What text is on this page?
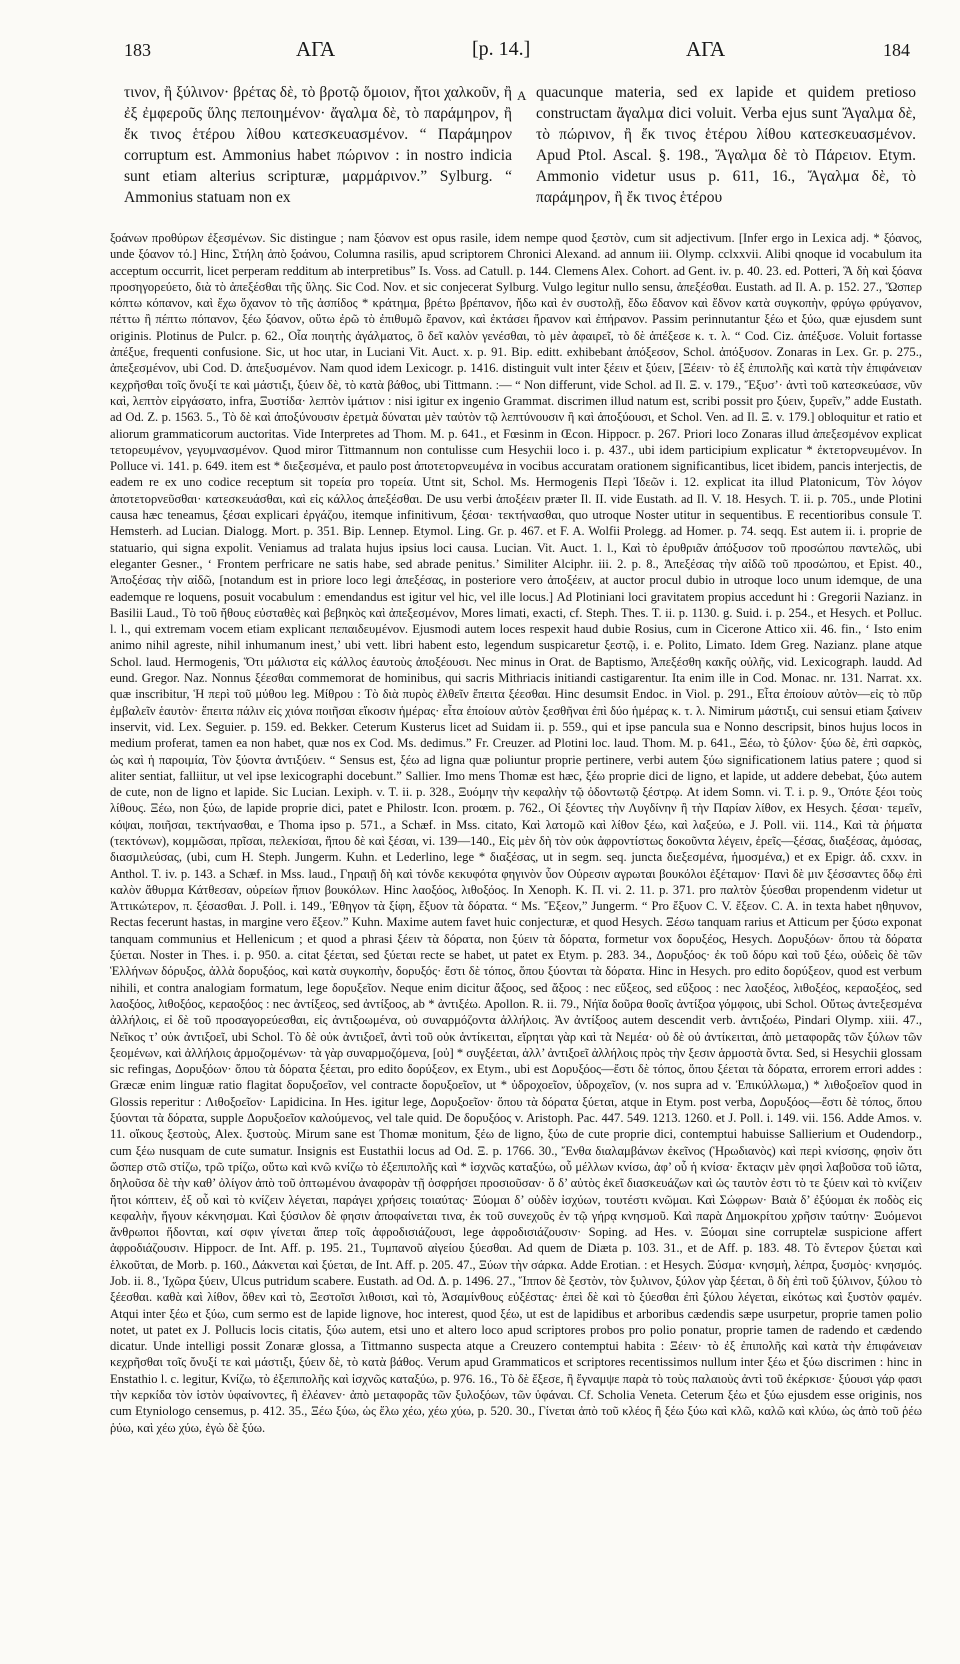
183	ΑΓΑ	[p. 14.]	ΑΓΑ	184
τινον, ἢ ξύλινον· βρέτας δὲ, τὸ βροτῷ ὅμοιον, ἤτοι χαλκοῦν, ἢ ἐξ ἐμφεροῦς ὕλης πεποιημένον· ἄγαλμα δὲ, τὸ παράμηρον, ἢ ἔκ τινος ἑτέρου λίθου κατεσκευασμένον. “ Παράμηρον corruptum est. Ammonius habet πώρινον : in nostro indicia sunt etiam alterius scripturæ, μαρμάρινον.” Sylburg. “ Ammonius statuam non ex
A quacunque materia, sed ex lapide et quidem pretioso constructam ἄγαλμα dici voluit. Verba ejus sunt Ἄγαλμα δὲ, τὸ πώρινον, ἢ ἔκ τινος ἑτέρου λίθου κατεσκευασμένον. Apud Ptol. Ascal. §. 198., Ἄγαλμα δὲ τὸ Πάρειον. Etym. Ammonio videtur usus p. 611, 16., Ἄγαλμα δὲ, τὸ παράμηρον, ἢ ἔκ τινος ἑτέρου

ξοάνων προθύρων ἐξεσμένων. Sic distingue ; nam ξόανον est opus rasile, idem nempe quod ξεστὸν, cum sit adjectivum. [Infer ergo in Lexica adj. * ξόανος, unde ξόανον τό.] Hinc, Στήλη ἀπὸ ξοάνου, Columna rasilis, apud scriptorem Chronici Alexand. ad annum iii. Olymp. cclxxvii. Alibi qnoque id vocabulum ita acceptum occurrit, licet perperam redditum ab interpretibus” Is. Voss. ad Catull. p. 144. Clemens Alex. Cohort. ad Gent. iv. p. 40. 23. ed. Potteri, Ἃ δὴ καὶ ξόανα προσηγορεύετο, διὰ τὸ ἀπεξέσθαι τῆς ὕλης. Sic Cod. Nov. et sic conjecerat Sylburg. Vulgo legitur nullo sensu, ἀπεξέσθαι. Eustath. ad Il. A. p. 152. 27., Ὥσπερ κόπτω κόπανον, καὶ ἔχω ὄχανον τὸ τῆς ἀσπίδος * κράτημα, βρέτω βρέπανον, ἤδω καὶ ἐν συστολῇ, ἔδω ἔδανον καὶ ἔδνον κατὰ συγκοπὴν, φρύγω φρύγανον, πέττω ἢ πέπτω πόπανον, ξέω ξόανον, οὕτω ἐρῶ τὸ ἐπιθυμῶ ἔρανον, καὶ ἐκτάσει ἤρανον καὶ ἐπήρανον. Passim perinnutantur ξέω et ξύω, quæ ejusdem sunt originis. Plotinus de Pulcr. p. 62., Οἷα ποιητὴς ἀγάλματος, ὃ δεῖ καλὸν γενέσθαι, τὸ μὲν ἀφαιρεῖ, τὸ δὲ ἀπέξεσε κ. τ. λ. “ Cod. Ciz. ἀπέξυσε. Voluit fortasse ἀπέξυε, frequenti confusione. Sic, ut hoc utar, in Luciani Vit. Auct. x. p. 91. Bip. editt. exhibebant ἀπόξεσον, Schol. ἀπόξυσον. Zonaras in Lex. Gr. p. 275., ἀπεξεσμένον, ubi Cod. D. ἀπεξυσμένον. Nam quod idem Lexicogr. p. 1416. distinguit vult inter ξέειν et ξύειν, [Ξέειν· τὸ ἐξ ἐπιπολῆς καὶ κατὰ τὴν ἐπιφάνειαν κεχρῆσθαι τοῖς ὄνυξί τε καὶ μάστιξι, ξύειν δὲ, τὸ κατὰ βάθος, ubi Tittmann. :— “ Non differunt, vide Schol. ad Il. Ξ. v. 179., Ἔξυσ’· ἀντὶ τοῦ κατεσκεύασε, νῦν καὶ, λεπτὸν εἰργάσατο, infra, Ξυστίδα· λεπτὸν ἱμάτιον : nisi igitur ex ingenio Grammat. discrimen illud natum est, scribi possit pro ξύειν, ξυρεῖν,” adde Eustath. ad Od. Z. p. 1563. 5., Τὸ δὲ καὶ ἀποξύνουσιν ἐρετμὰ δύναται μὲν ταὐτὸν τῷ λεπτύνουσιν ἢ καὶ ἀποξύουσι, et Schol. Ven. ad Il. Ξ. v. 179.] obloquitur et ratio et aliorum grammaticorum auctoritas. Vide Interpretes ad Thom. M. p. 641., et Fœsinm in Œcon. Hippocr. p. 267. Priori loco Zonaras illud ἀπεξεσμένον explicat τετορευμένον, γεγυμνασμένον. Quod miror Tittmannum non contulisse cum Hesychii loco i. p. 437., ubi idem participium explicatur * ἐκτετορνευμένον. In Polluce vi. 141. p. 649. item est * διεξεσμένα, et paulo post ἀποτετορνευμένα in vocibus accuratam orationem significantibus, licet ibidem, pancis interjectis, de eadem re ex uno codice receptum sit τορεία pro τορεία. Utnt sit, Schol. Ms. Hermogenis Περὶ Ἰδεῶν i. 12. explicat ita illud Platonicum, Τὸν λόγον ἀποτετορνεῦσθαι· κατεσκευάσθαι, καὶ εἰς κάλλος ἀπεξέσθαι. De usu verbi ἀποξέειν præter Il. II. vide Eustath. ad Il. V. 18. Hesych. T. ii. p. 705., unde Plotini causa hæc teneamus, ξέσαι explicari ἐργάζου, itemque infinitivum, ξέσαι· τεκτήνασθαι, quo utroque Noster utitur in sequentibus. E recentioribus consule T. Hemsterh. ad Lucian. Dialogg. Mort. p. 351. Bip. Lennep. Etymol. Ling. Gr. p. 467. et F. A. Wolfii Prolegg. ad Homer. p. 74. seqq. Est autem ii. i. proprie de statuario, qui signa expolit. Veniamus ad tralata hujus ipsius loci causa. Lucian. Vit. Auct. 1. l., Καὶ τὸ ἐρυθριᾶν ἀπόξυσον τοῦ προσώπου παντελῶς, ubi eleganter Gesner., ‘ Frontem perfricare ne satis habe, sed abrade penitus.’ Similiter Alciphr. iii. 2. p. 8., Ἀπεξέσας τὴν αἰδῶ τοῦ προσώπου, et Epist. 40., Ἀποξέσας τὴν αἰδῶ, [notandum est in priore loco legi ἀπεξέσας, in posteriore vero ἀποξέειν, at auctor procul dubio in utroque loco unum idemque, de una eademque re loquens, posuit vocabulum : emendandus est igitur vel hic, vel ille locus.] Ad Plotiniani loci gravitatem propius accedunt hi : Gregorii Nazianz. in Basilii Laud., Τὸ τοῦ ἤθους εὐσταθὲς καὶ βεβηκὸς καὶ ἀπεξεσμένον, Mores limati, exacti, cf. Steph. Thes. T. ii. p. 1130. g. Suid. i. p. 254., et Hesych. et Polluc. l. l., qui extremam vocem etiam explicant πεπαιδευμένον. Ejusmodi autem loces respexit haud dubie Rosius, cum in Cicerone Attico xii. 46. fin., ‘ Isto enim animo nihil agreste, nihil inhumanum inest,’ ubi vett. libri habent esto, legendum suspicaretur ξεστῷ, i. e. Polito, Limato. Idem Greg. Nazianz. plane atque Schol. laud. Hermogenis, Ὅτι μάλιστα εἰς κάλλος ἑαυτοὺς ἀποξέουσι. Nec minus in Orat. de Baptismo, Ἀπεξέσθη κακῆς οὐλῆς, vid. Lexicograph. laudd. Ad eund. Gregor. Naz. Nonnus ξέεσθαι commemorat de hominibus, qui sacris Mithriacis initiandi castigarentur. Ita enim ille in Cod. Monac. nr. 131. Narrat. xx. quæ inscribitur, Ἡ περὶ τοῦ μύθου leg. Μίθρου : Τὸ διὰ πυρὸς ἐλθεῖν ἔπειτα ξέεσθαι. Hinc desumsit Endoc. in Viol. p. 291., Εἶτα ἐποίουν αὐτὸν—εἰς τὸ πῦρ ἐμβαλεῖν ἑαυτὸν· ἔπειτα πάλιν εἰς χιόνα ποιῆσαι εἴκοσιν ἡμέρας· εἶτα ἐποίουν αὐτὸν ξεσθῆναι ἐπὶ δύο ἡμέρας κ. τ. λ. Nimirum μάστιξι, cui sensui etiam ξαίνειν inservit, vid. Lex. Seguier. p. 159. ed. Bekker. Ceterum Kusterus licet ad Suidam ii. p. 559., qui et ipse pancula sua e Nonno descripsit, binos hujus locos in medium proferat, tamen ea non habet, quæ nos ex Cod. Ms. dedimus.” Fr. Creuzer. ad Plotini loc. laud. Thom. M. p. 641., Ξέω, τὸ ξύλον· ξύω δὲ, ἐπὶ σαρκὸς, ὡς καὶ ἡ παροιμία, Τὸν ξύοντα ἀντιξύειν. “ Sensus est, ξέω ad ligna quæ poliuntur proprie pertinere, verbi autem ξύω significationem latius patere ; quod si aliter sentiat, falliitur, ut vel ipse lexicographi docebunt.” Sallier. Imo mens Thomæ est hæc, ξέω proprie dici de ligno, et lapide, ut addere debebat, ξύω autem de cute, non de ligno et lapide. Sic Lucian. Lexiph. v. T. ii. p. 328., Ξυόμην τὴν κεφαλὴν τῷ ὀδοντωτῷ ξέστρῳ. At idem Somn. vi. T. i. p. 9., Ὁπότε ξέοι τοὺς λίθους. Ξέω, non ξύω, de lapide proprie dici, patet e Philostr. Icon. proœm. p. 762., Οἱ ξέοντες τὴν Λυγδίνην ἢ τὴν Παρίαν λίθον, ex Hesych. ξέσαι· τεμεῖν, κόψαι, ποιῆσαι, τεκτήνασθαι, e Thoma ipso p. 571., a Schæf. in Mss. citato, Καὶ λατομῶ καὶ λίθον ξέω, καὶ λαξεύω, e J. Poll. vii. 114., Καὶ τὰ ῥήματα (τεκτόνων), κομμῶσαι, πρῖσαι, πελεκίσαι, ἥπου δὲ καὶ ξέσαι, vi. 139—140., Εἰς μὲν δὴ τὸν οὐκ ἀφροντίστως δοκοῦντα λέγειν, ἐρεῖς—ξέσας, διαξέσας, ἀμόσας, διασμιλεύσας, (ubi, cum H. Steph. Jungerm. Kuhn. et Lederlino, lege * διαξέσας, ut in segm. seq. juncta διεξεσμένα, ἡμοσμένα,) et ex Epigr. ἀδ. cxxv. in Anthol. T. iv. p. 143. a Schæf. in Mss. laud., Γηραιῇ δὴ καὶ τόνδε κεκυφότα φηγινὸν ὗον Οὐρεσιν αγρωται βουκόλοι ἐξέταμον· Πανὶ δὲ μιν ξέσσαντες ὅδῳ ἐπὶ καλὸν ἄθυρμα Κάτθεσαν, οὐρείων ἤπιον βουκόλων. Hinc λαοξόος, λιθοξόος. In Xenoph. K. Π. vi. 2. 11. p. 371. pro παλτὸν ξύεσθαι propendenm videtur ut Ἀττικώτερον, π. ξέσασθαι. J. Poll. i. 149., Ἐθηγον τὰ ξίφη, ἔξυον τὰ δόρατα. “ Ms. Ἔξεον,” Jungerm. “ Pro ἔξυον C. V. ἔξεον. C. A. in texta habet ηθηυνον, Rectas fecerunt hastas, in margine vero ἔξεον.” Kuhn. Maxime autem favet huic conjecturæ, et quod Hesych. Ξέσω tanquam rarius et Atticum per ξύσω exponat tanquam communius et Hellenicum ; et quod a phrasi ξέειν τὰ δόρατα, non ξύειν τὰ δόρατα, formetur vox δορυξέος, Hesych. Δορυξόων· ὅπου τὰ δόρατα ξύεται. Noster in Thes. i. p. 950. a. citat ξέεται, sed ξύεται recte se habet, ut patet ex Etym. p. 283. 34., Δορυξόος· ἐκ τοῦ δόρυ καὶ τοῦ ξέω, οὐδεὶς δὲ τῶν Ἑλλήνων δόρυξος, ἀλλὰ δορυξόος, καὶ κατὰ συγκοπὴν, δορυξός· ἔστι δὲ τόπος, ὅπου ξύονται τὰ δόρατα. Hinc in Hesych. pro edito δορύξεον, quod est verbum nihili, et contra analogiam formatum, lege δορυξεῖον. Neque enim dicitur ἄξοος, sed ἄξοος : nec εὔξεος, sed εὔξοος : nec λαοξέος, λιθοξέος, κεραοξέος, sed λαοξόος, λιθοξόος, κεραοξόος : nec ἀντίξεος, sed ἀντίξοος, ab * ἀντιξέω. Apollon. R. ii. 79., Νήϊα δοῦρα θοοῖς ἀντίξοα γόμφοις, ubi Schol. Οὕτως ἀντεξεσμένα ἀλλήλοις, εἰ δὲ τοῦ προσαγορεύεσθαι, εἰς ἀντιξοωμένα, οὐ συναρμόζοντα ἀλλήλοις. Ἀν ἀντίξοος autem descendit verb. ἀντιξοέω, Pindari Olymp. xiii. 47., Νεῖκος τ’ οὐκ ἀντιξοεῖ, ubi Schol. Τὸ δὲ οὐκ ἀντιξοεῖ, ἀντὶ τοῦ οὐκ ἀντίκειται, εἴρηται γὰρ καὶ τὰ Νεμέα· οὐ δὲ οὐ ἀντίκειται, ἀπὸ μεταφορᾶς τῶν ξύλων τῶν ξεομένων, καὶ ἀλλήλοις ἁρμοζομένων· τὰ γὰρ συναρμοζόμενα, [οὐ] * συγξέεται, ἀλλ’ ἀντιξοεῖ ἀλλήλοις πρὸς τὴν ξεσιν ἁρμοστὰ ὄντα. Sed, si Hesychii glossam sic refingas, Δορυξόων· ὅπου τὰ δόρατα ξέεται, pro edito δορύξεον, ex Etym., ubi est Δορυξόος—ἔστι δὲ τόπος, ὅπου ξέεται τὰ δόρατα, errorem errori addes : Græcæ enim linguæ ratio flagitat δορυξοεῖον, vel contracte δορυξοεῖον, ut * ὑδροχοεῖον, ὑδροχεῖον, (v. nos supra ad v. Ἐπικύλλωμα,) * λιθοξοεῖον quod in Glossis reperitur : Λιθοξοεῖον· Lapidicina. In Hes. igitur lege, Δορυξοεῖον· ὅπου τὰ δόρατα ξύεται, atque in Etym. post verba, Δορυξόος—ἔστι δὲ τόπος, ὅπου ξύονται τὰ δόρατα, supple Δορυξοεῖον καλούμενος, vel tale quid. De δορυξόος v. Aristoph. Pac. 447. 549. 1213. 1260. et J. Poll. i. 149. vii. 156. Adde Amos. v. 11. οἴκους ξεστοὺς, Alex. ξυστοὺς. Mirum sane est Thomæ monitum, ξέω de ligno, ξύω de cute proprie dici, contemptui habuisse Sallierium et Oudendorp., cum ξέω nusquam de cute sumatur. Insignis est Eustathii locus ad Od. Ξ. p. 1766. 30., Ἔνθα διαλαμβάνων ἐκεῖνος (Ἡρωδιανὸς) καὶ περὶ κνίσσης, φησὶν ὅτι ὥσπερ στῶ στίζω, τρῶ τρίζω, οὕτω καὶ κνῶ κνίζω τὸ ἐξεπιπολῆς καὶ * ἰσχνῶς καταξύω, οὗ μέλλων κνίσω, ἀφ’ οὗ ἡ κνίσα· ἔκταςιν μὲν φησὶ λαβοῦσα τοῦ ἰῶτα, δηλοῦσα δὲ τὴν καθ’ ὀλίγον ἀπὸ τοῦ ὀπτωμένου ἀναφορὰν τῇ ὀσφρήσει προσιοῦσαν· ὅ δ’ αὐτὸς ἐκεῖ διασκευάζων καὶ ὡς ταυτὸν ἐστι τὸ τε ξύειν καὶ τὸ κνίζειν ἤτοι κόπτειν, ἐξ οὗ καὶ τὸ κνίζειν λέγεται, παράγει χρήσεις τοιαύτας· Ξύομαι δ’ οὐδὲν ἰσχύων, τουτέστι κνῶμαι. Καὶ Σώφρων· Βαιὰ δ’ ἐξύομαι ἐκ ποδὸς εἰς κεφαλὴν, ἤγουν κέκνησμαι. Καὶ ξύσιλον δὲ φησιν ἀποφαίνεται τινα, ἐκ τοῦ συνεχοῦς ἐν τῷ γήρᾳ κνησμοῦ. Καὶ παρὰ Δημοκρίτου χρῆσιν ταύτην· Ξυόμενοι ἄνθρωποι ἥδονται, καί σφιν γίνεται ἅπερ τοῖς ἀφροδισιάζουσι, lege ἀφροδισιάζουσιν· Soping. ad Hes. v. Ξύομαι sine corruptelæ suspicione affert ἀφροδιάζουσιν. Hippocr. de Int. Aff. p. 195. 21., Τυμπανοῦ αἰγείου ξύεσθαι. Ad quem de Diæta p. 103. 31., et de Aff. p. 183. 48. Τὸ ἔντερον ξύεται καὶ ἑλκοῦται, de Morb. p. 160., Δάκνεται καὶ ξύεται, de Int. Aff. p. 205. 47., Ξύων τὴν σάρκα. Adde Erotian. : et Hesych. Ξύσμα· κνησμὴ, λέπρα, ξυσμὸς· κνησμός. Job. ii. 8., Ἰχῶρα ξύειν, Ulcus putridum scabere. Eustath. ad Od. Δ. p. 1496. 27., Ἵππον δὲ ξεστὸν, τὸν ξυλινον, ξύλον γὰρ ξέεται, ὃ δὴ ἐπὶ τοῦ ξύλινον, ξύλου τὸ ξέεσθαι. καθὰ καὶ λίθον, ὅθεν καὶ τὸ, Ξεστοῖσι λιθοισι, καὶ τὸ, Ἀσαμίνθους εὐξέστας· ἐπεὶ δὲ καὶ τὸ ξύεσθαι ἐπὶ ξύλου λέγεται, εἰκότως καὶ ξυστὸν φαμέν. Atqui inter ξέω et ξύω, cum sermo est de lapide lignove, hoc interest, quod ξέω, ut est de lapidibus et arboribus cædendis sæpe usurpetur, proprie tamen polio notet, ut patet ex J. Pollucis locis citatis, ξύω autem, etsi uno et altero loco apud scriptores probos pro polio ponatur, proprie tamen de radendo et cædendo dicatur. Unde intelligi possit Zonaræ glossa, a Tittmanno suspecta atque a Creuzero contemptui habita : Ξέειν· τὸ ἐξ ἐπιπολῆς καὶ κατὰ τὴν ἐπιφάνειαν κεχρῆσθαι τοῖς ὄνυξί τε καὶ μάστιξι, ξύειν δὲ, τὸ κατὰ βάθος. Verum apud Grammaticos et scriptores recentissimos nullum inter ξέω et ξύω discrimen : hinc in Enstathio l. c. legitur, Κνίζω, τὸ ἐξεπιπολῆς καὶ ἰσχνῶς καταξύω, p. 976. 16., Τὸ δὲ ἔξεσε, ἢ ἔγναμψε παρὰ τὸ τοὺς παλαιοὺς ἀντὶ τοῦ ἐκέρκισε· ξύουσι γάρ φασι τὴν κερκίδα τὸν ἱστὸν ὑφαίνοντες, ἢ ἐλέανεν· ἀπὸ μεταφορᾶς τῶν ξυλοξόων, τῶν ὑφάναι. Cf. Scholia Veneta. Ceterum ξέω et ξύω ejusdem esse originis, nos cum Etyniologo censemus, p. 412. 35., Ξέω ξύω, ὡς ἕλω χέω, χέω χύω, p. 520. 30., Γίνεται ἀπὸ τοῦ κλέος ἢ ξέω ξύω καὶ κλῶ, καλῶ καὶ κλύω, ὡς ἀπὸ τοῦ ῥέω ῥύω, καὶ χέω χύω, ἐγὼ δὲ ξύω.
